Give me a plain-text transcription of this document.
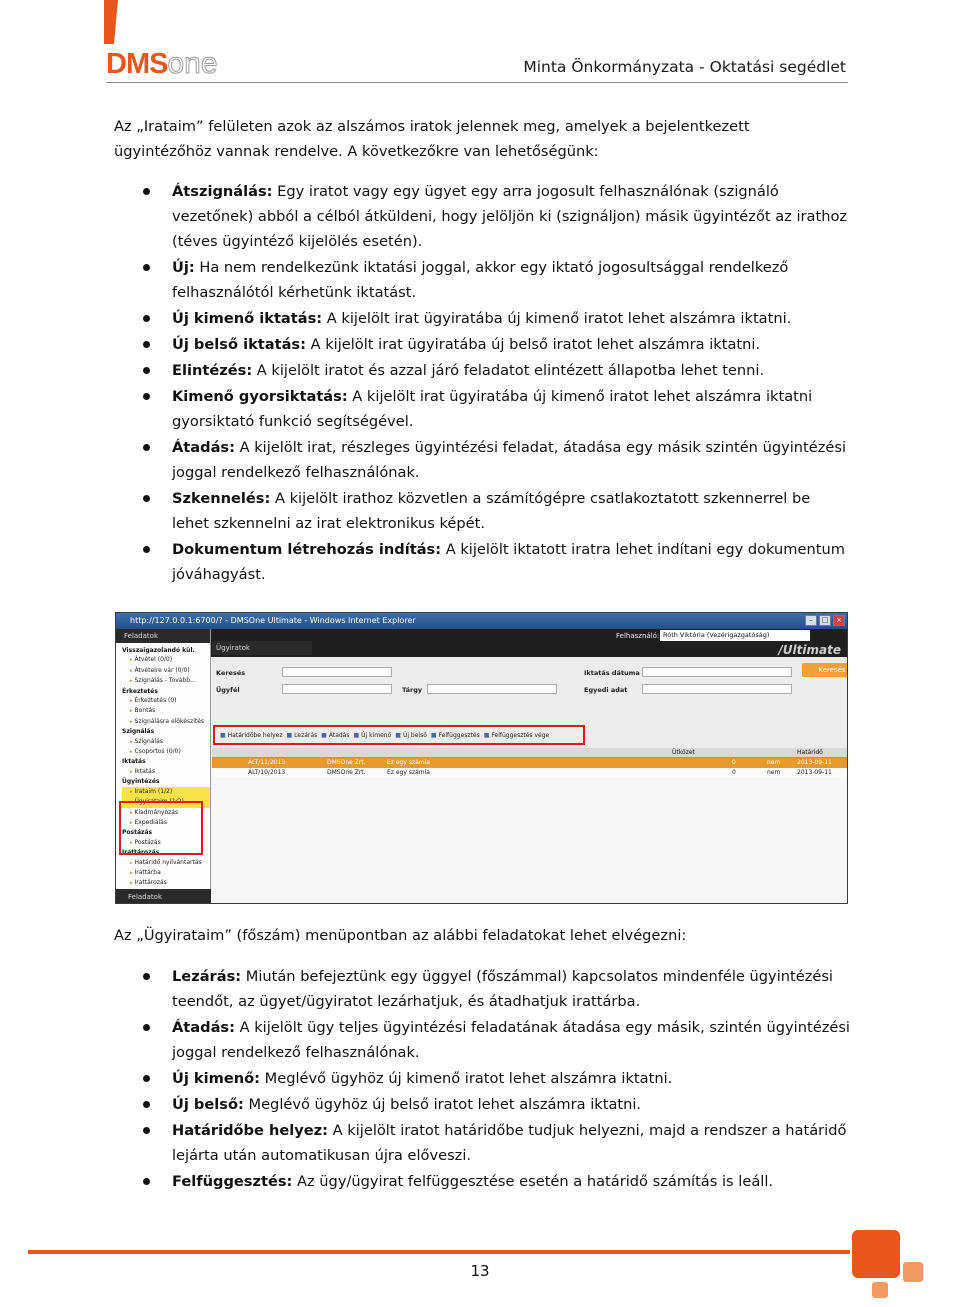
DMSone	Minta Önkormányzata - Oktatási segédlet

Az „Irataim” felületen azok az alszámos iratok jelennek meg, amelyek a bejelentkezett ügyintézőhöz vannak rendelve. A következőkre van lehetőségünk:

Átszignálás: Egy iratot vagy egy ügyet egy arra jogosult felhasználónak (szignáló vezetőnek) abból a célból átküldeni, hogy jelöljön ki (szignáljon) másik ügyintézőt az irathoz (téves ügyintéző kijelölés esetén).
Új: Ha nem rendelkezünk iktatási joggal, akkor egy iktató jogosultsággal rendelkező felhasználótól kérhetünk iktatást.
Új kimenő iktatás: A kijelölt irat ügyiratába új kimenő iratot lehet alszámra iktatni.
Új belső iktatás: A kijelölt irat ügyiratába új belső iratot lehet alszámra iktatni.
Elintézés: A kijelölt iratot és azzal járó feladatot elintézett állapotba lehet tenni.
Kimenő gyorsiktatás: A kijelölt irat ügyiratába új kimenő iratot lehet alszámra iktatni gyorsiktató funkció segítségével.
Átadás: A kijelölt irat, részleges ügyintézési feladat, átadása egy másik szintén ügyintézési joggal rendelkező felhasználónak.
Szkennelés: A kijelölt irathoz közvetlen a számítógépre csatlakoztatott szkennerrel be lehet szkennelni az irat elektronikus képét.
Dokumentum létrehozás indítás: A kijelölt iktatott iratra lehet indítani egy dokumentum jóváhagyást.
http://127.0.0.1:6700/? - DMSOne Ultimate - Windows Internet Explorer	–	□	×
Felhasználó: Róth Viktória (Vezérigazgatóság)
/Ultimate
Feladatok
Visszaigazolandó kül.
▸ Átvétel (0/0)
▸ Átvételre vár (0/0)
▸ Szignálás - Tovább...
Érkeztetés
▸ Érkeztetés (0)
▸ Bontás
▸ Szignálásra előkészítés
Szignálás
▸ Szignálás
▸ Csoportos (0/0)
Iktatás
▸ Iktatás
Ügyintézés
▸ Irataim (1/2)
▸ Ügyirataim (1/2)
▸ Kiadmányozás
▸ Expediálás
Postázás
▸ Postázás
Irattározás
▸ Határidő nyilvántartás
▸ Irattárba
▸ Irattározás
Feladatok
Ügyiratok
Keresés
Ügyfél	Tárgy
Iktatás dátuma
Egyedi adat
Keresés
■ Határidőbe helyez	■ Lezárás	■ Átadás	■ Új kimenő	■ Új belső	■ Felfüggesztés	■ Felfüggesztés vége
Ütközet	Határidő
ÁLT/11/2013	DMSOne Zrt.	Ez egy számla	0	nem	2013-09-11
ÁLT/10/2013	DMSOne Zrt.	Ez egy számla	0	nem	2013-09-11

Az „Ügyirataim” (főszám) menüpontban az alábbi feladatokat lehet elvégezni:

Lezárás: Miután befejeztünk egy üggyel (főszámmal) kapcsolatos mindenféle ügyintézési teendőt, az ügyet/ügyiratot lezárhatjuk, és átadhatjuk irattárba.
Átadás: A kijelölt ügy teljes ügyintézési feladatának átadása egy másik, szintén ügyintézési joggal rendelkező felhasználónak.
Új kimenő: Meglévő ügyhöz új kimenő iratot lehet alszámra iktatni.
Új belső: Meglévő ügyhöz új belső iratot lehet alszámra iktatni.
Határidőbe helyez: A kijelölt iratot határidőbe tudjuk helyezni, majd a rendszer a határidő lejárta után automatikusan újra előveszi.
Felfüggesztés: Az ügy/ügyirat felfüggesztése esetén a határidő számítás is leáll.
13
